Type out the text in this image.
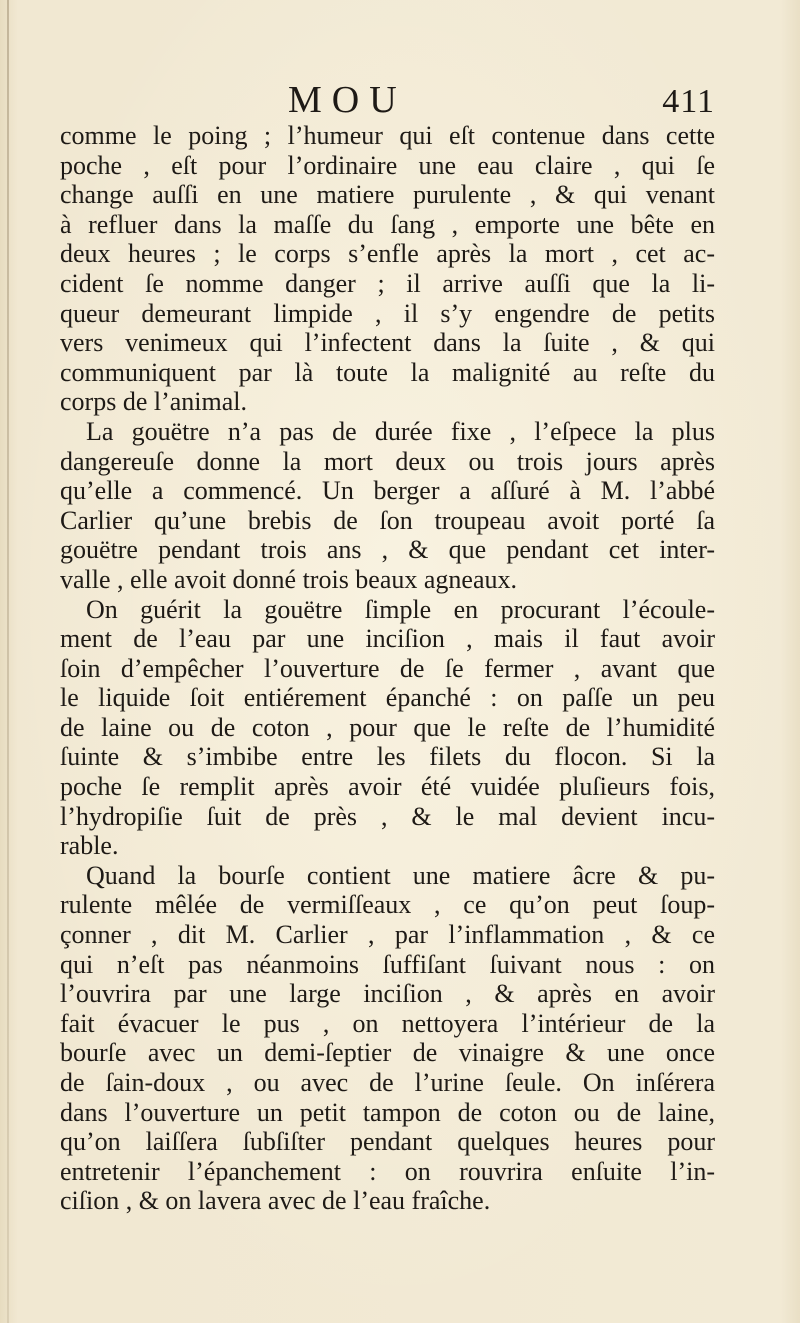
MOU	411
comme le poing ; l’humeur qui eſt contenue dans cette
poche , eſt pour l’ordinaire une eau claire , qui ſe
change auſſi en une matiere purulente , & qui venant
à refluer dans la maſſe du ſang , emporte une bête en
deux heures ; le corps s’enfle après la mort , cet ac-
cident ſe nomme danger ; il arrive auſſi que la li-
queur demeurant limpide , il s’y engendre de petits
vers venimeux qui l’infectent dans la ſuite , & qui
communiquent par là toute la malignité au reſte du
corps de l’animal.
La gouëtre n’a pas de durée fixe , l’eſpece la plus
dangereuſe donne la mort deux ou trois jours après
qu’elle a commencé. Un berger a aſſuré à M. l’abbé
Carlier qu’une brebis de ſon troupeau avoit porté ſa
gouëtre pendant trois ans , & que pendant cet inter-
valle , elle avoit donné trois beaux agneaux.
On guérit la gouëtre ſimple en procurant l’écoule-
ment de l’eau par une inciſion , mais il faut avoir
ſoin d’empêcher l’ouverture de ſe fermer , avant que
le liquide ſoit entiérement épanché : on paſſe un peu
de laine ou de coton , pour que le reſte de l’humidité
ſuinte & s’imbibe entre les filets du flocon. Si la
poche ſe remplit après avoir été vuidée pluſieurs fois,
l’hydropiſie ſuit de près , & le mal devient incu-
rable.
Quand la bourſe contient une matiere âcre & pu-
rulente mêlée de vermiſſeaux , ce qu’on peut ſoup-
çonner , dit M. Carlier , par l’inflammation , & ce
qui n’eſt pas néanmoins ſuffiſant ſuivant nous : on
l’ouvrira par une large inciſion , & après en avoir
fait évacuer le pus , on nettoyera l’intérieur de la
bourſe avec un demi-ſeptier de vinaigre & une once
de ſain-doux , ou avec de l’urine ſeule. On inſérera
dans l’ouverture un petit tampon de coton ou de laine,
qu’on laiſſera ſubſiſter pendant quelques heures pour
entretenir l’épanchement : on rouvrira enſuite l’in-
ciſion , & on lavera avec de l’eau fraîche.
